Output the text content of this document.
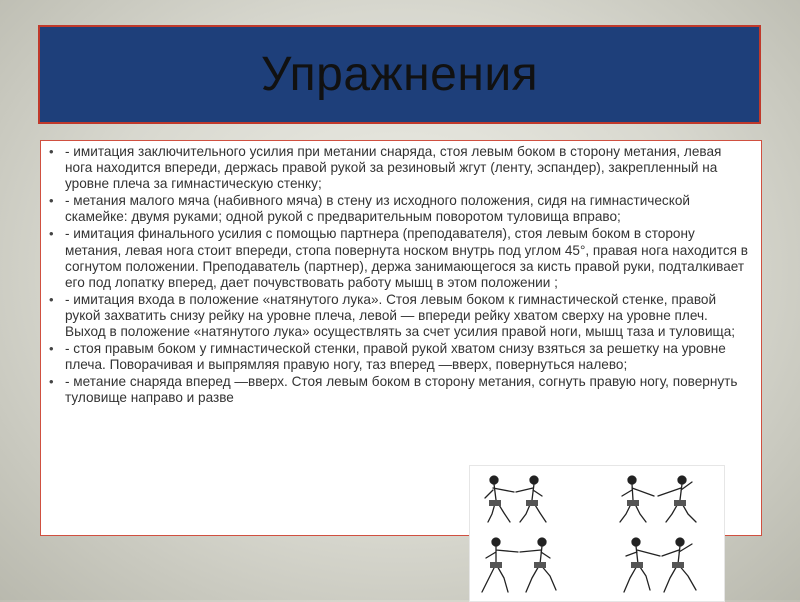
Упражнения
• - имитация заключительного усилия при метании снаряда, стоя левым боком в сторону метания, левая нога находится впереди, держась правой рукой за резиновый жгут (ленту, эспандер), закрепленный на уровне плеча за гимнастическую стенку;
• - метания малого мяча (набивного мяча) в стену из исходного положения, сидя на гимнастической скамейке: двумя руками; одной рукой с предварительным поворотом туловища вправо;
• - имитация финального усилия с помощью партнера (преподавателя), стоя левым боком в сторону метания, левая нога стоит впереди, стопа повернута носком внутрь под углом 45°, правая нога находится в согнутом положении. Преподаватель (партнер), держа занимающегося за кисть правой руки, подталкивает его под лопатку вперед, дает почувствовать работу мышц в этом положении ;
• - имитация входа в положение «натянутого лука». Стоя левым боком к гимнастической стенке, правой рукой захватить снизу рейку на уровне плеча, левой — впереди рейку хватом сверху на уровне плеч. Выход в положение «натянутого лука» осуществлять за счет усилия правой ноги, мышц таза и туловища;
• - стоя правым боком у гимнастической стенки, правой рукой хватом снизу взяться за решетку на уровне плеча. Поворачивая и выпрямляя правую ногу, таз вперед —вверх, повернуться налево;
• - метание снаряда вперед —вверх. Стоя левым боком в сторону метания, согнуть правую ногу, повернуть туловище направо и разве
